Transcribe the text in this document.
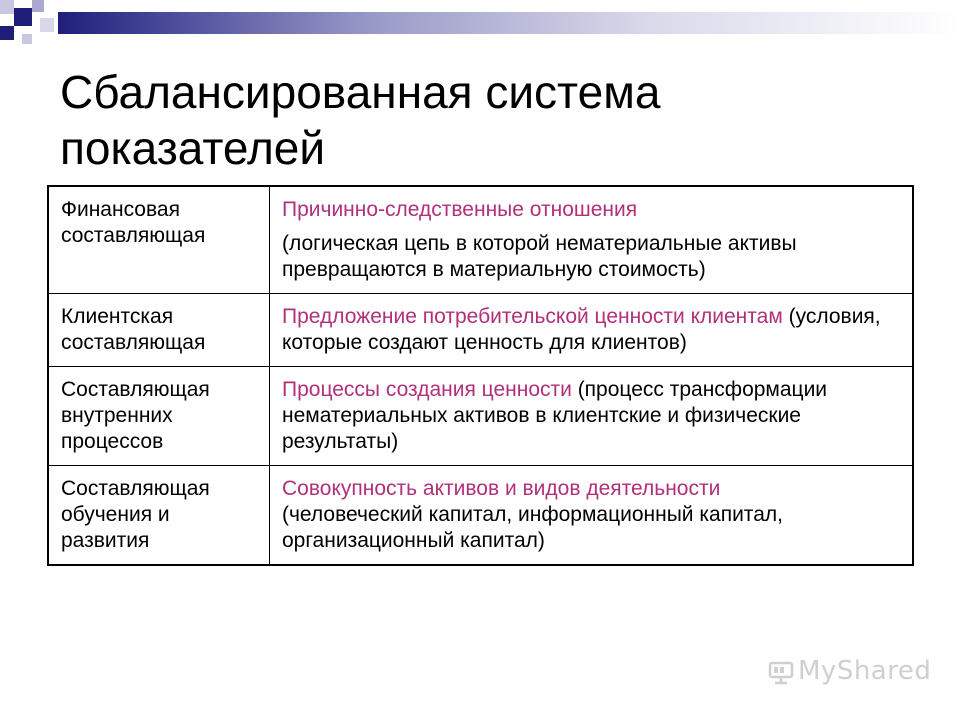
Сбалансированная система показателей
Финансовая составляющая	Причинно-следственные отношения
(логическая цепь в которой нематериальные активы превращаются в материальную стоимость)

Клиентская составляющая	Предложение потребительской ценности клиентам (условия, которые создают ценность для клиентов)
Составляющая внутренних процессов	Процессы создания ценности (процесс трансформации нематериальных активов в клиентские и физические результаты)
Составляющая обучения и развития	Совокупность активов и видов деятельности
(человеческий капитал, информационный капитал, организационный капитал)
MyShared
